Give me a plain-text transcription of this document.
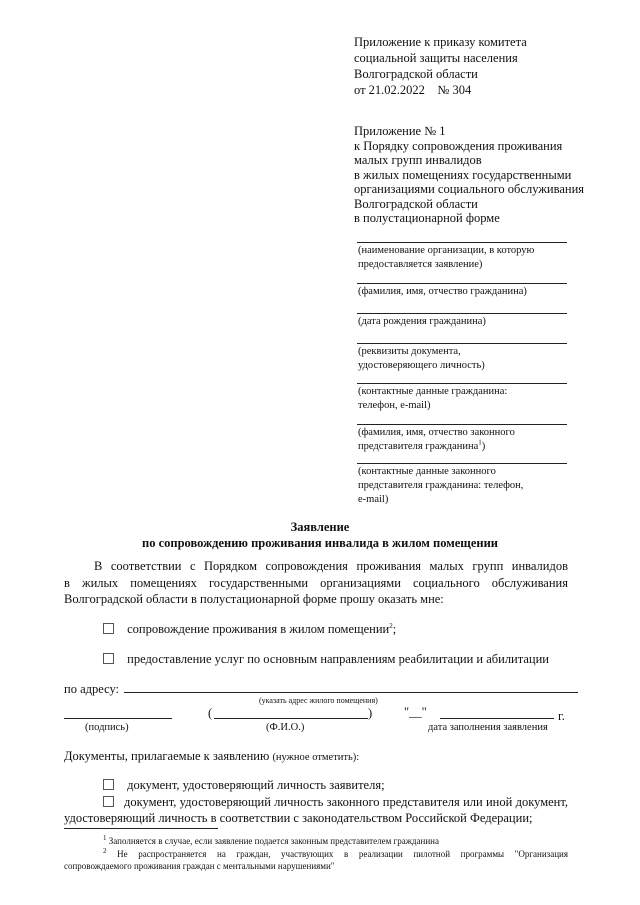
Приложение к приказу комитета
социальной защиты населения
Волгоградской области
от 21.02.2022    № 304
Приложение № 1
к Порядку сопровождения проживания
малых групп инвалидов
в жилых помещениях государственными
организациями социального обслуживания
Волгоградской области
в полустационарной форме
(наименование организации, в которую
предоставляется заявление)
(фамилия, имя, отчество гражданина)
(дата рождения гражданина)
(реквизиты документа,
удостоверяющего личность)
(контактные данные гражданина:
телефон, e-mail)
(фамилия, имя, отчество законного
представителя гражданина$^1$)
(контактные данные законного
представителя гражданина: телефон,
e-mail)
Заявление
по сопровождению проживания инвалида в жилом помещении
В соответствии с Порядком сопровождения проживания малых групп инвалидов
в жилых помещениях государственными организациями социального обслуживания
Волгоградской области в полустационарной форме прошу оказать мне:
сопровождение проживания в жилом помещении$^2$;
предоставление услуг по основным направлениям реабилитации и абилитации
по адресу:
(указать адрес жилого помещения)
(подпись)
(	)
(Ф.И.О.)
"__"	г.
дата заполнения заявления
Документы, прилагаемые к заявлению (нужное отметить):
документ, удостоверяющий личность заявителя;
документ, удостоверяющий личность законного представителя или иной документ,
удостоверяющий личность в соответствии с законодательством Российской Федерации;
$^1$ Заполняется в случае, если заявление подается законным представителем гражданина
$^2$ Не распространяется на граждан, участвующих в реализации пилотной программы "Организация
сопровождаемого проживания граждан с ментальными нарушениями"
